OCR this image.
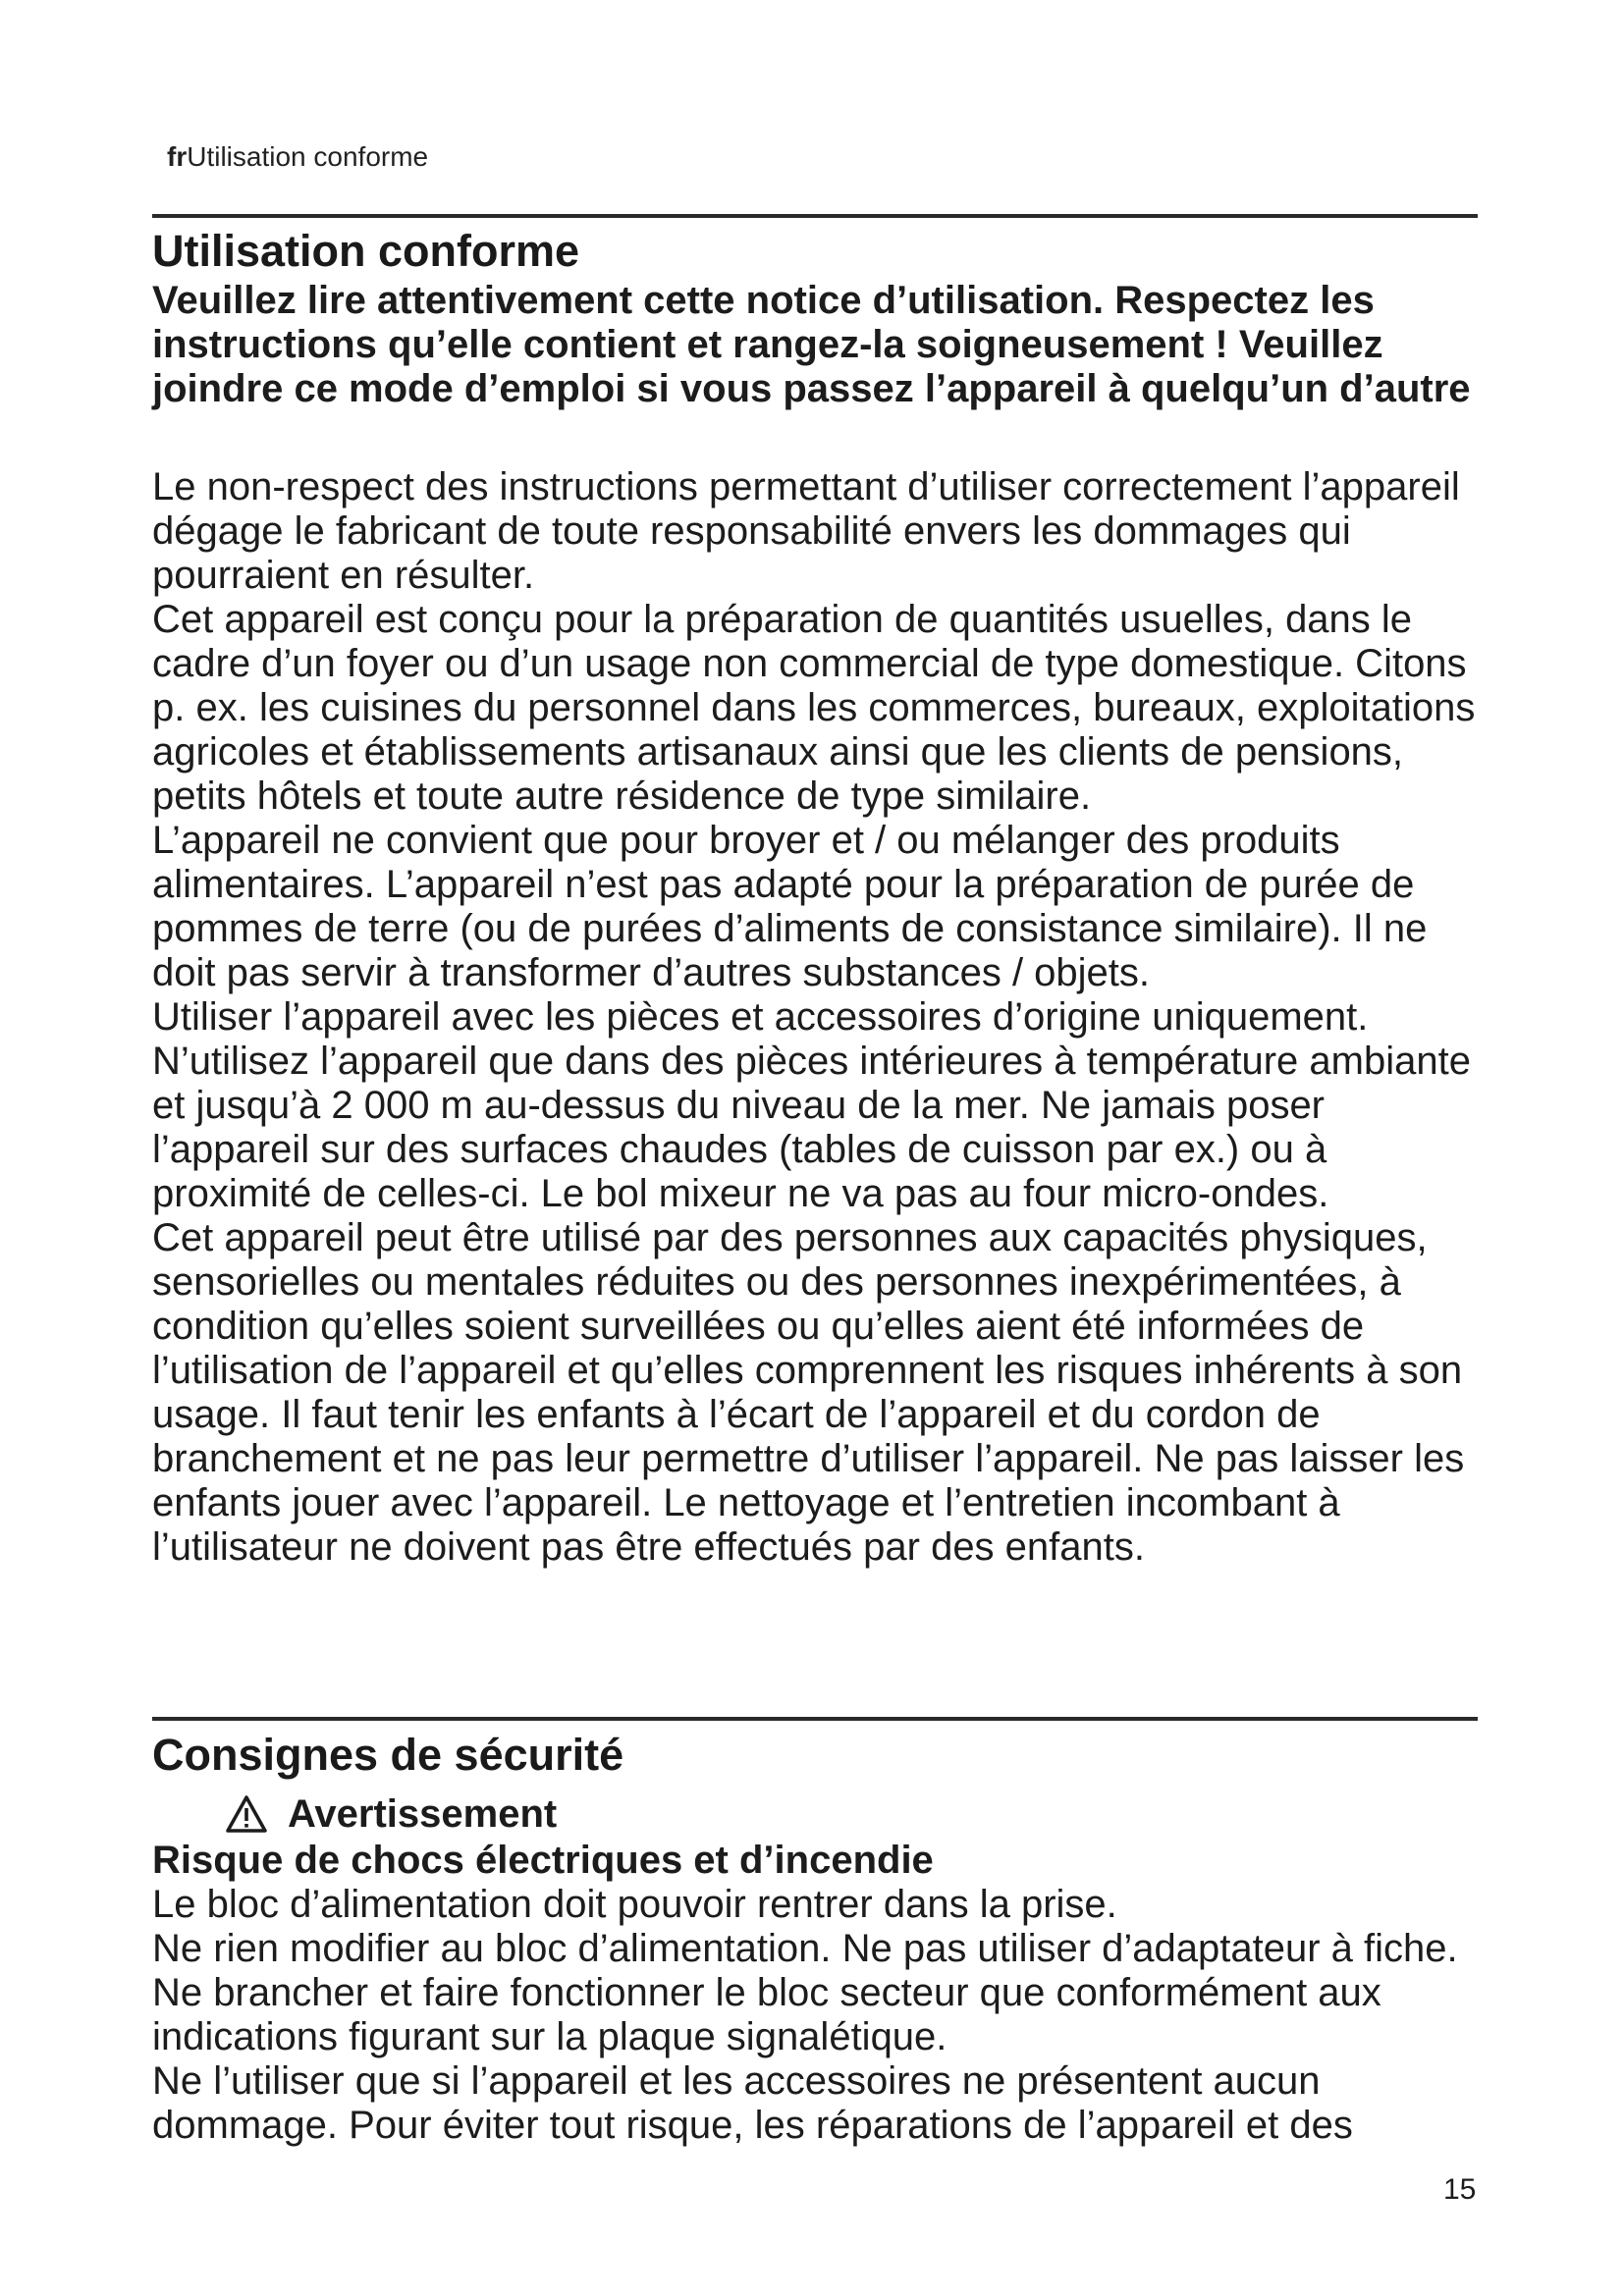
frUtilisation conforme
Utilisation conforme
Veuillez lire attentivement cette notice d’utilisation. Respectez les instructions qu’elle contient et rangez-la soigneusement ! Veuillez joindre ce mode d’emploi si vous passez l’appareil à quelqu’un d’autre

Le non-respect des instructions permettant d’utiliser correctement l’appareil dégage le fabricant de toute responsabilité envers les dommages qui pourraient en résulter.

Cet appareil est conçu pour la préparation de quantités usuelles, dans le cadre d’un foyer ou d’un usage non commercial de type domestique. Citons p. ex. les cuisines du personnel dans les commerces, bureaux, exploitations agricoles et établissements artisanaux ainsi que les clients de pensions, petits hôtels et toute autre résidence de type similaire.

L’appareil ne convient que pour broyer et / ou mélanger des produits alimentaires. L’appareil n’est pas adapté pour la préparation de purée de pommes de terre (ou de purées d’aliments de consistance similaire). Il ne doit pas servir à transformer d’autres substances / objets.

Utiliser l’appareil avec les pièces et accessoires d’origine uniquement.

N’utilisez l’appareil que dans des pièces intérieures à température ambiante et jusqu’à 2 000 m au-dessus du niveau de la mer. Ne jamais poser l’appareil sur des surfaces chaudes (tables de cuisson par ex.) ou à proximité de celles-ci. Le bol mixeur ne va pas au four micro-ondes.

Cet appareil peut être utilisé par des personnes aux capacités physiques, sensorielles ou mentales réduites ou des personnes inexpérimentées, à condition qu’elles soient surveillées ou qu’elles aient été informées de l’utilisation de l’appareil et qu’elles comprennent les risques inhérents à son usage. Il faut tenir les enfants à l’écart de l’appareil et du cordon de branchement et ne pas leur permettre d’utiliser l’appareil. Ne pas laisser les enfants jouer avec l’appareil. Le nettoyage et l’entretien incombant à l’utilisateur ne doivent pas être effectués par des enfants.

Consignes de sécurité
Avertissement
Risque de chocs électriques et d’incendie

Le bloc d’alimentation doit pouvoir rentrer dans la prise.

Ne rien modifier au bloc d’alimentation. Ne pas utiliser d’adaptateur à fiche. Ne brancher et faire fonctionner le bloc secteur que conformément aux indications figurant sur la plaque signalétique.

Ne l’utiliser que si l’appareil et les accessoires ne présentent aucun dommage. Pour éviter tout risque, les réparations de l’appareil et des

15
